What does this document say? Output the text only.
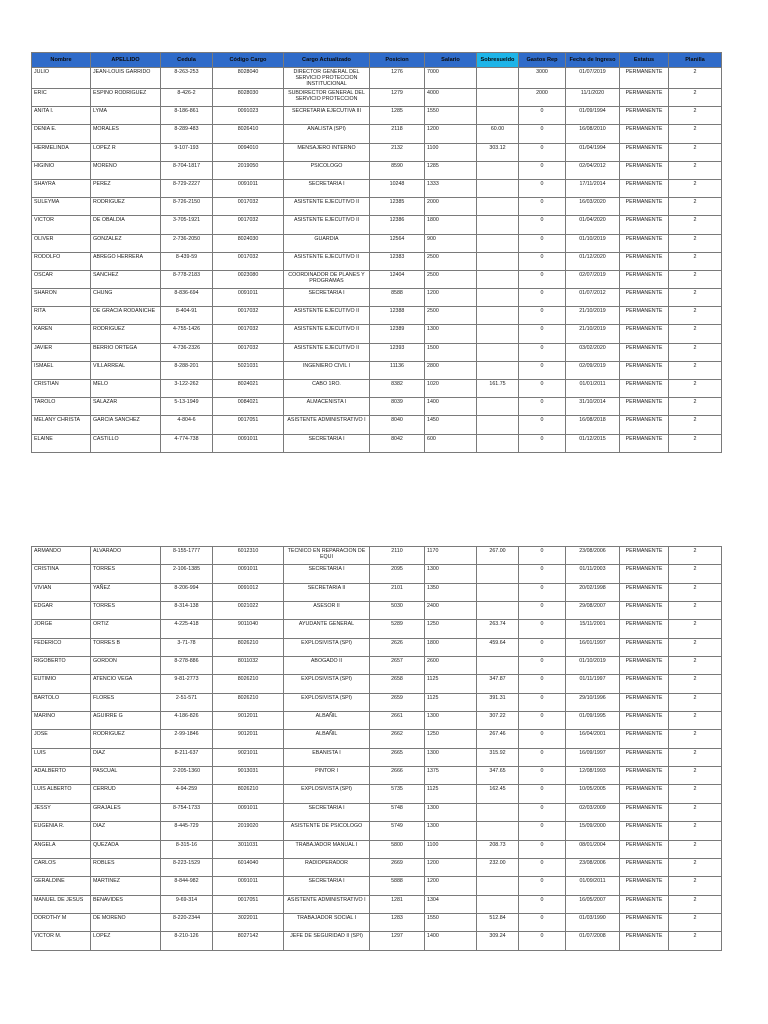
Nombre	APELLIDO	Cedula	Código Cargo	Cargo Actualizado	Posicion	Salario	Sobresueldo	Gastos Rep	Fecha de Ingreso	Estatus	Planilla
JULIO	JEAN-LOUIS GARRIDO	8-263-253	8028040	DIRECTOR GENERAL DEL SERVICIO PROTECCION INSTITUCIONAL	1276	7000		3000	01/07/2019	PERMANENTE	2
ERIC	ESPINO RODRIGUEZ	8-426-2	8028030	SUBDIRECTOR GENERAL DEL SERVICIO PROTECCION	1279	4000		2000	11/1/2020	PERMANENTE	2
ANITA I.	LYMA	8-186-861	0091023	SECRETARIA EJECUTIVA III	1285	1550		0	01/09/1994	PERMANENTE	2
DENIA E.	MORALES	8-289-483	8026410	ANALISTA (SPI)	2118	1200	60.00	0	16/08/2010	PERMANENTE	2
HERMELINDA	LOPEZ R	9-107-193	0094010	MENSAJERO INTERNO	2132	1100	303.12	0	01/04/1994	PERMANENTE	2
HIGINIO	MORENO	8-704-1817	2019050	PSICOLOGO	8590	1285		0	02/04/2012	PERMANENTE	2
SHAYRA	PEREZ	8-729-2227	0091011	SECRETARIA I	10248	1333		0	17/11/2014	PERMANENTE	2
SULEYMA	RODRIGUEZ	8-726-2150	0017032	ASISTENTE EJECUTIVO II	12385	2000		0	16/03/2020	PERMANENTE	2
VICTOR	DE OBALDIA	3-705-1921	0017032	ASISTENTE EJECUTIVO II	12386	1800		0	01/04/2020	PERMANENTE	2
OLIVER	GONZALEZ	2-736-2050	8024030	GUARDIA	12564	900		0	01/10/2019	PERMANENTE	2
RODOLFO	ABREGO HERRERA	8-439-59	0017032	ASISTENTE EJECUTIVO II	12383	2500		0	01/12/2020	PERMANENTE	2
OSCAR	SANCHEZ	8-778-2183	0023080	COORDINADOR DE PLANES Y PROGRAMAS	12404	2500		0	02/07/2019	PERMANENTE	2
SHARON	CHUNG	8-836-694	0091011	SECRETARIA I	8588	1200		0	01/07/2012	PERMANENTE	2
RITA	DE GRACIA RODANICHE	8-404-91	0017032	ASISTENTE EJECUTIVO II	12388	2500		0	21/10/2019	PERMANENTE	2
KAREN	RODRIGUEZ	4-755-1426	0017032	ASISTENTE EJECUTIVO II	12389	1300		0	21/10/2019	PERMANENTE	2
JAVIER	BERRIO ORTEGA	4-736-2326	0017032	ASISTENTE EJECUTIVO II	12393	1500		0	03/02/2020	PERMANENTE	2
ISMAEL	VILLARREAL	8-288-201	5021031	INGENIERO CIVIL I	11136	2800		0	02/09/2019	PERMANENTE	2
CRISTIAN	MELO	3-122-262	8024021	CABO 1RO.	8382	1020	161.75	0	01/01/2011	PERMANENTE	2
TAROLO	SALAZAR	5-13-1949	0084021	ALMACENISTA I	8039	1400		0	31/10/2014	PERMANENTE	2
MELANY CHRISTA	GARCIA SANCHEZ	4-804-6	0017051	ASISTENTE ADMINISTRATIVO I	8040	1450		0	16/08/2018	PERMANENTE	2
ELAINE	CASTILLO	4-774-738	0091011	SECRETARIA I	8042	600		0	01/12/2015	PERMANENTE	2
ARMANDO	ALVARADO	8-155-1777	6012310	TECNICO EN REPARACION DE EQUI	2110	1170	267.00	0	23/08/2006	PERMANENTE	2
CRISTINA	TORRES	2-106-1385	0091011	SECRETARIA I	2095	1300		0	01/11/2003	PERMANENTE	2
VIVIAN	YAÑEZ	8-206-994	0091012	SECRETARIA II	2101	1350		0	20/02/1998	PERMANENTE	2
EDGAR	TORRES	8-314-138	0021022	ASESOR II	5030	2400		0	29/08/2007	PERMANENTE	2
JORGE	ORTIZ	4-225-418	9011040	AYUDANTE GENERAL	5289	1250	263.74	0	15/11/2001	PERMANENTE	2
FEDERICO	TORRES B	3-71-78	8026210	EXPLOSIVISTA (SPI)	2626	1800	459.64	0	16/01/1997	PERMANENTE	2
RIGOBERTO	GORDON	8-278-886	8011032	ABOGADO II	2657	2600		0	01/10/2019	PERMANENTE	2
EUTIMIO	ATENCIO VEGA	9-81-2773	8026210	EXPLOSIVISTA (SPI)	2658	1125	347.87	0	01/11/1997	PERMANENTE	2
BARTOLO	FLORES	2-51-571	8026210	EXPLOSIVISTA (SPI)	2659	1125	391.31	0	29/10/1996	PERMANENTE	2
MARINO	AGUIRRE G	4-186-826	9012011	ALBAÑIL	2661	1300	307.22	0	01/09/1995	PERMANENTE	2
JOSE	RODRIGUEZ	2-99-1846	9012011	ALBAÑIL	2662	1250	267.46	0	16/04/2001	PERMANENTE	2
LUIS	DIAZ	8-211-637	9021011	EBANISTA I	2665	1300	315.92	0	16/09/1997	PERMANENTE	2
ADALBERTO	PASCUAL	2-205-1360	9013031	PINTOR I	2666	1375	347.65	0	12/08/1993	PERMANENTE	2
LUIS ALBERTO	CERRUD	4-94-259	8026210	EXPLOSIVISTA (SPI)	5735	1125	162.45	0	10/05/2005	PERMANENTE	2
JESSY	GRAJALES	8-754-1733	0091011	SECRETARIA I	5748	1300		0	02/03/2009	PERMANENTE	2
EUGENIA R.	DIAZ	8-445-729	2019020	ASISTENTE DE PSICOLOGO	5749	1300		0	15/09/2000	PERMANENTE	2
ANGELA	QUEZADA	8-315-16	3011031	TRABAJADOR MANUAL I	5800	1100	208.73	0	08/01/2004	PERMANENTE	2
CARLOS	ROBLES	8-223-1529	6014040	RADIOPERADOR	2669	1200	232.00	0	23/08/2006	PERMANENTE	2
GERALDINE	MARTINEZ	8-844-982	0091011	SECRETARIA I	5888	1200		0	01/09/2011	PERMANENTE	2
MANUEL DE JESUS	BENAVIDES	9-69-314	0017051	ASISTENTE ADMINISTRATIVO I	1281	1304		0	16/05/2007	PERMANENTE	2
DOROTHY M	DE MORENO	8-220-2344	3022011	TRABAJADOR SOCIAL I	1283	1550	512.84	0	01/03/1990	PERMANENTE	2
VICTOR M.	LOPEZ	8-210-126	8027142	JEFE DE SEGURIDAD II (SPI)	1297	1400	309.24	0	01/07/2008	PERMANENTE	2
